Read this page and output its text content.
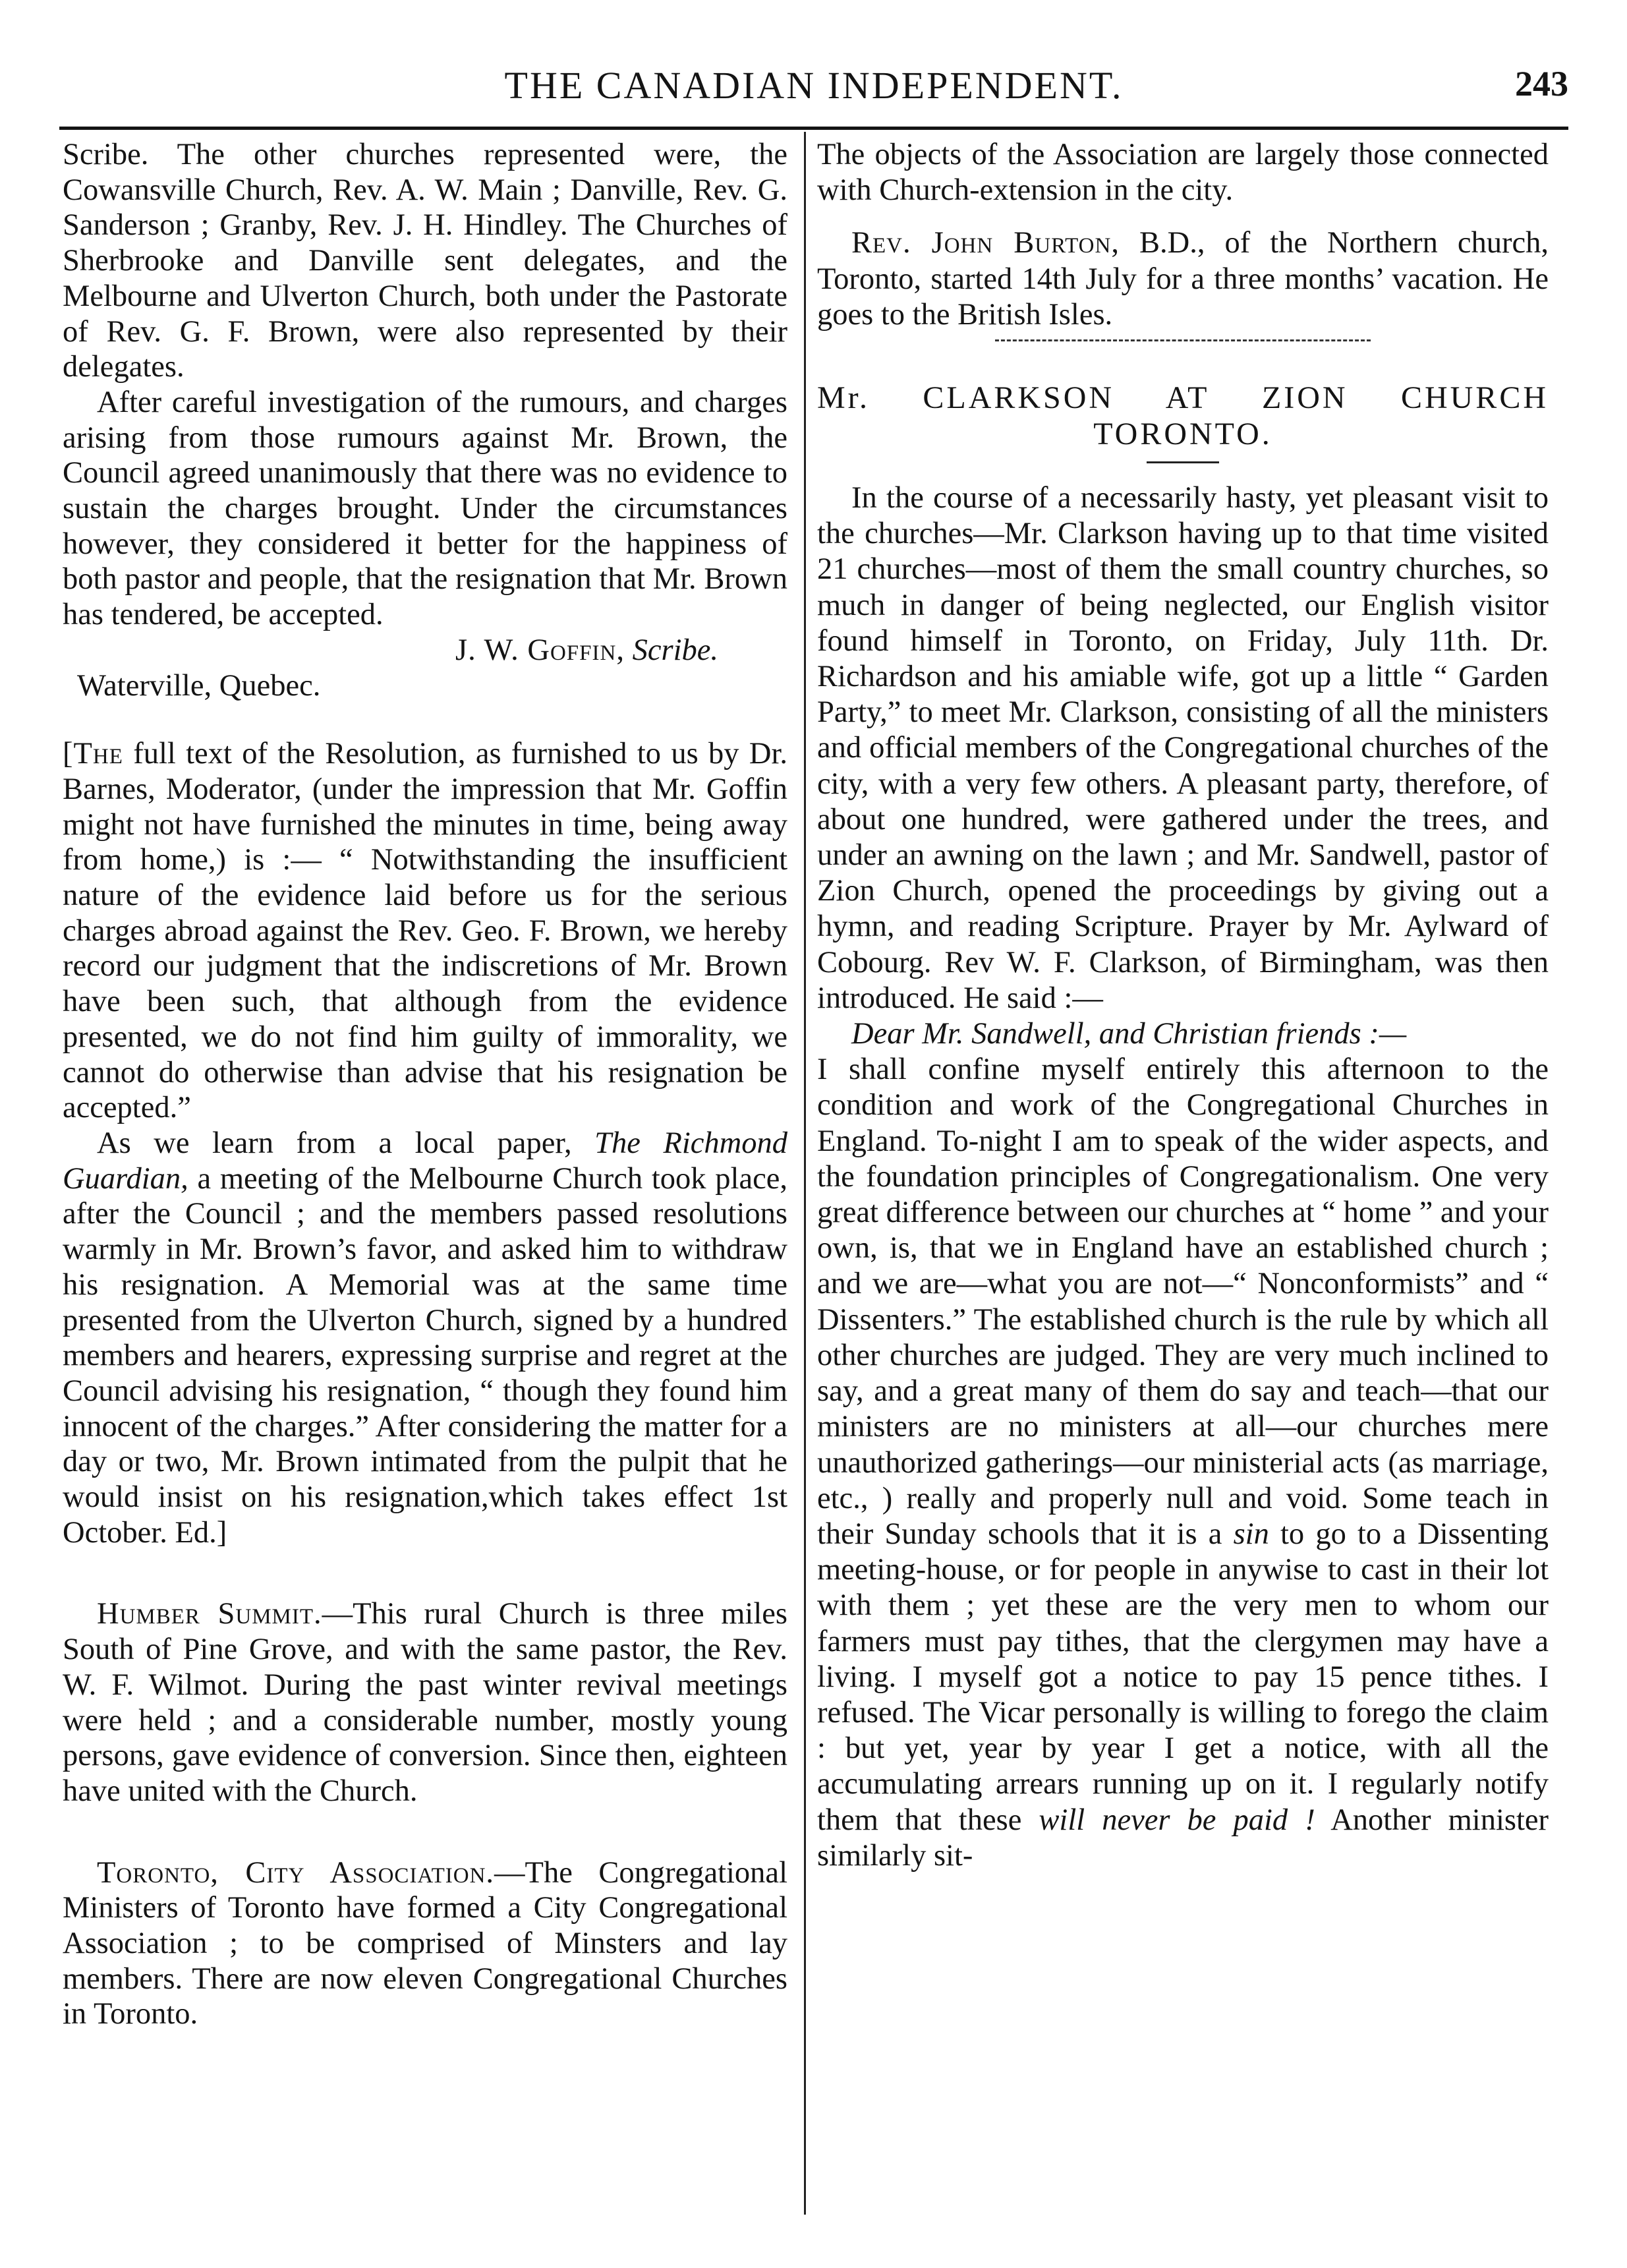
THE CANADIAN INDEPENDENT.	243

Scribe. The other churches represented were, the Cowansville Church, Rev. A. W. Main ; Danville, Rev. G. Sanderson ; Granby, Rev. J. H. Hindley. The Churches of Sherbrooke and Danville sent delegates, and the Melbourne and Ulverton Church, both under the Pastorate of Rev. G. F. Brown, were also represented by their delegates.

After careful investigation of the rumours, and charges arising from those rumours against Mr. Brown, the Council agreed unanimously that there was no evidence to sustain the charges brought. Under the circumstances however, they considered it better for the happiness of both pastor and people, that the resignation that Mr. Brown has tendered, be accepted.

J. W. Goffin, Scribe.

Waterville, Quebec.

[The full text of the Resolution, as furnished to us by Dr. Barnes, Moderator, (under the impression that Mr. Goffin might not have furnished the minutes in time, being away from home,) is :— “ Notwithstanding the insufficient nature of the evidence laid before us for the serious charges abroad against the Rev. Geo. F. Brown, we hereby record our judgment that the indiscretions of Mr. Brown have been such, that although from the evidence presented, we do not find him guilty of immorality, we cannot do otherwise than advise that his resignation be accepted.”

As we learn from a local paper, The Richmond Guardian, a meeting of the Melbourne Church took place, after the Council ; and the members passed resolutions warmly in Mr. Brown’s favor, and asked him to withdraw his resignation. A Memorial was at the same time presented from the Ulverton Church, signed by a hundred members and hearers, expressing surprise and regret at the Council advising his resignation, “ though they found him innocent of the charges.” After considering the matter for a day or two, Mr. Brown intimated from the pulpit that he would insist on his resignation,which takes effect 1st October. Ed.]

Humber Summit.—This rural Church is three miles South of Pine Grove, and with the same pastor, the Rev. W. F. Wilmot. During the past winter revival meetings were held ; and a considerable number, mostly young persons, gave evidence of conversion. Since then, eighteen have united with the Church.

Toronto, City Association.—The Congregational Ministers of Toronto have formed a City Congregational Association ; to be comprised of Minsters and lay members. There are now eleven Congregational Churches in Toronto.

The objects of the Association are largely those connected with Church-extension in the city.

Rev. John Burton, B.D., of the Northern church, Toronto, started 14th July for a three months’ vacation. He goes to the British Isles.

Mr. CLARKSON AT ZION CHURCH

TORONTO.

In the course of a necessarily hasty, yet pleasant visit to the churches—Mr. Clarkson having up to that time visited 21 churches—most of them the small country churches, so much in danger of being neglected, our English visitor found himself in Toronto, on Friday, July 11th. Dr. Richardson and his amiable wife, got up a little “ Garden Party,” to meet Mr. Clarkson, consisting of all the ministers and official members of the Congregational churches of the city, with a very few others. A pleasant party, therefore, of about one hundred, were gathered under the trees, and under an awning on the lawn ; and Mr. Sandwell, pastor of Zion Church, opened the proceedings by giving out a hymn, and reading Scripture. Prayer by Mr. Aylward of Cobourg. Rev W. F. Clarkson, of Birmingham, was then introduced. He said :—

Dear Mr. Sandwell, and Christian friends :—

I shall confine myself entirely this afternoon to the condition and work of the Congregational Churches in England. To-night I am to speak of the wider aspects, and the foundation principles of Congregationalism. One very great difference between our churches at “ home ” and your own, is, that we in England have an established church ; and we are—what you are not—“ Nonconformists” and “ Dissenters.” The established church is the rule by which all other churches are judged. They are very much inclined to say, and a great many of them do say and teach—that our ministers are no ministers at all—our churches mere unauthorized gatherings—our ministerial acts (as marriage, etc., ) really and properly null and void. Some teach in their Sunday schools that it is a sin to go to a Dissenting meeting-house, or for people in anywise to cast in their lot with them ; yet these are the very men to whom our farmers must pay tithes, that the clergymen may have a living. I myself got a notice to pay 15 pence tithes. I refused. The Vicar personally is willing to forego the claim : but yet, year by year I get a notice, with all the accumulating arrears running up on it. I regularly notify them that these will never be paid ! Another minister similarly sit-
